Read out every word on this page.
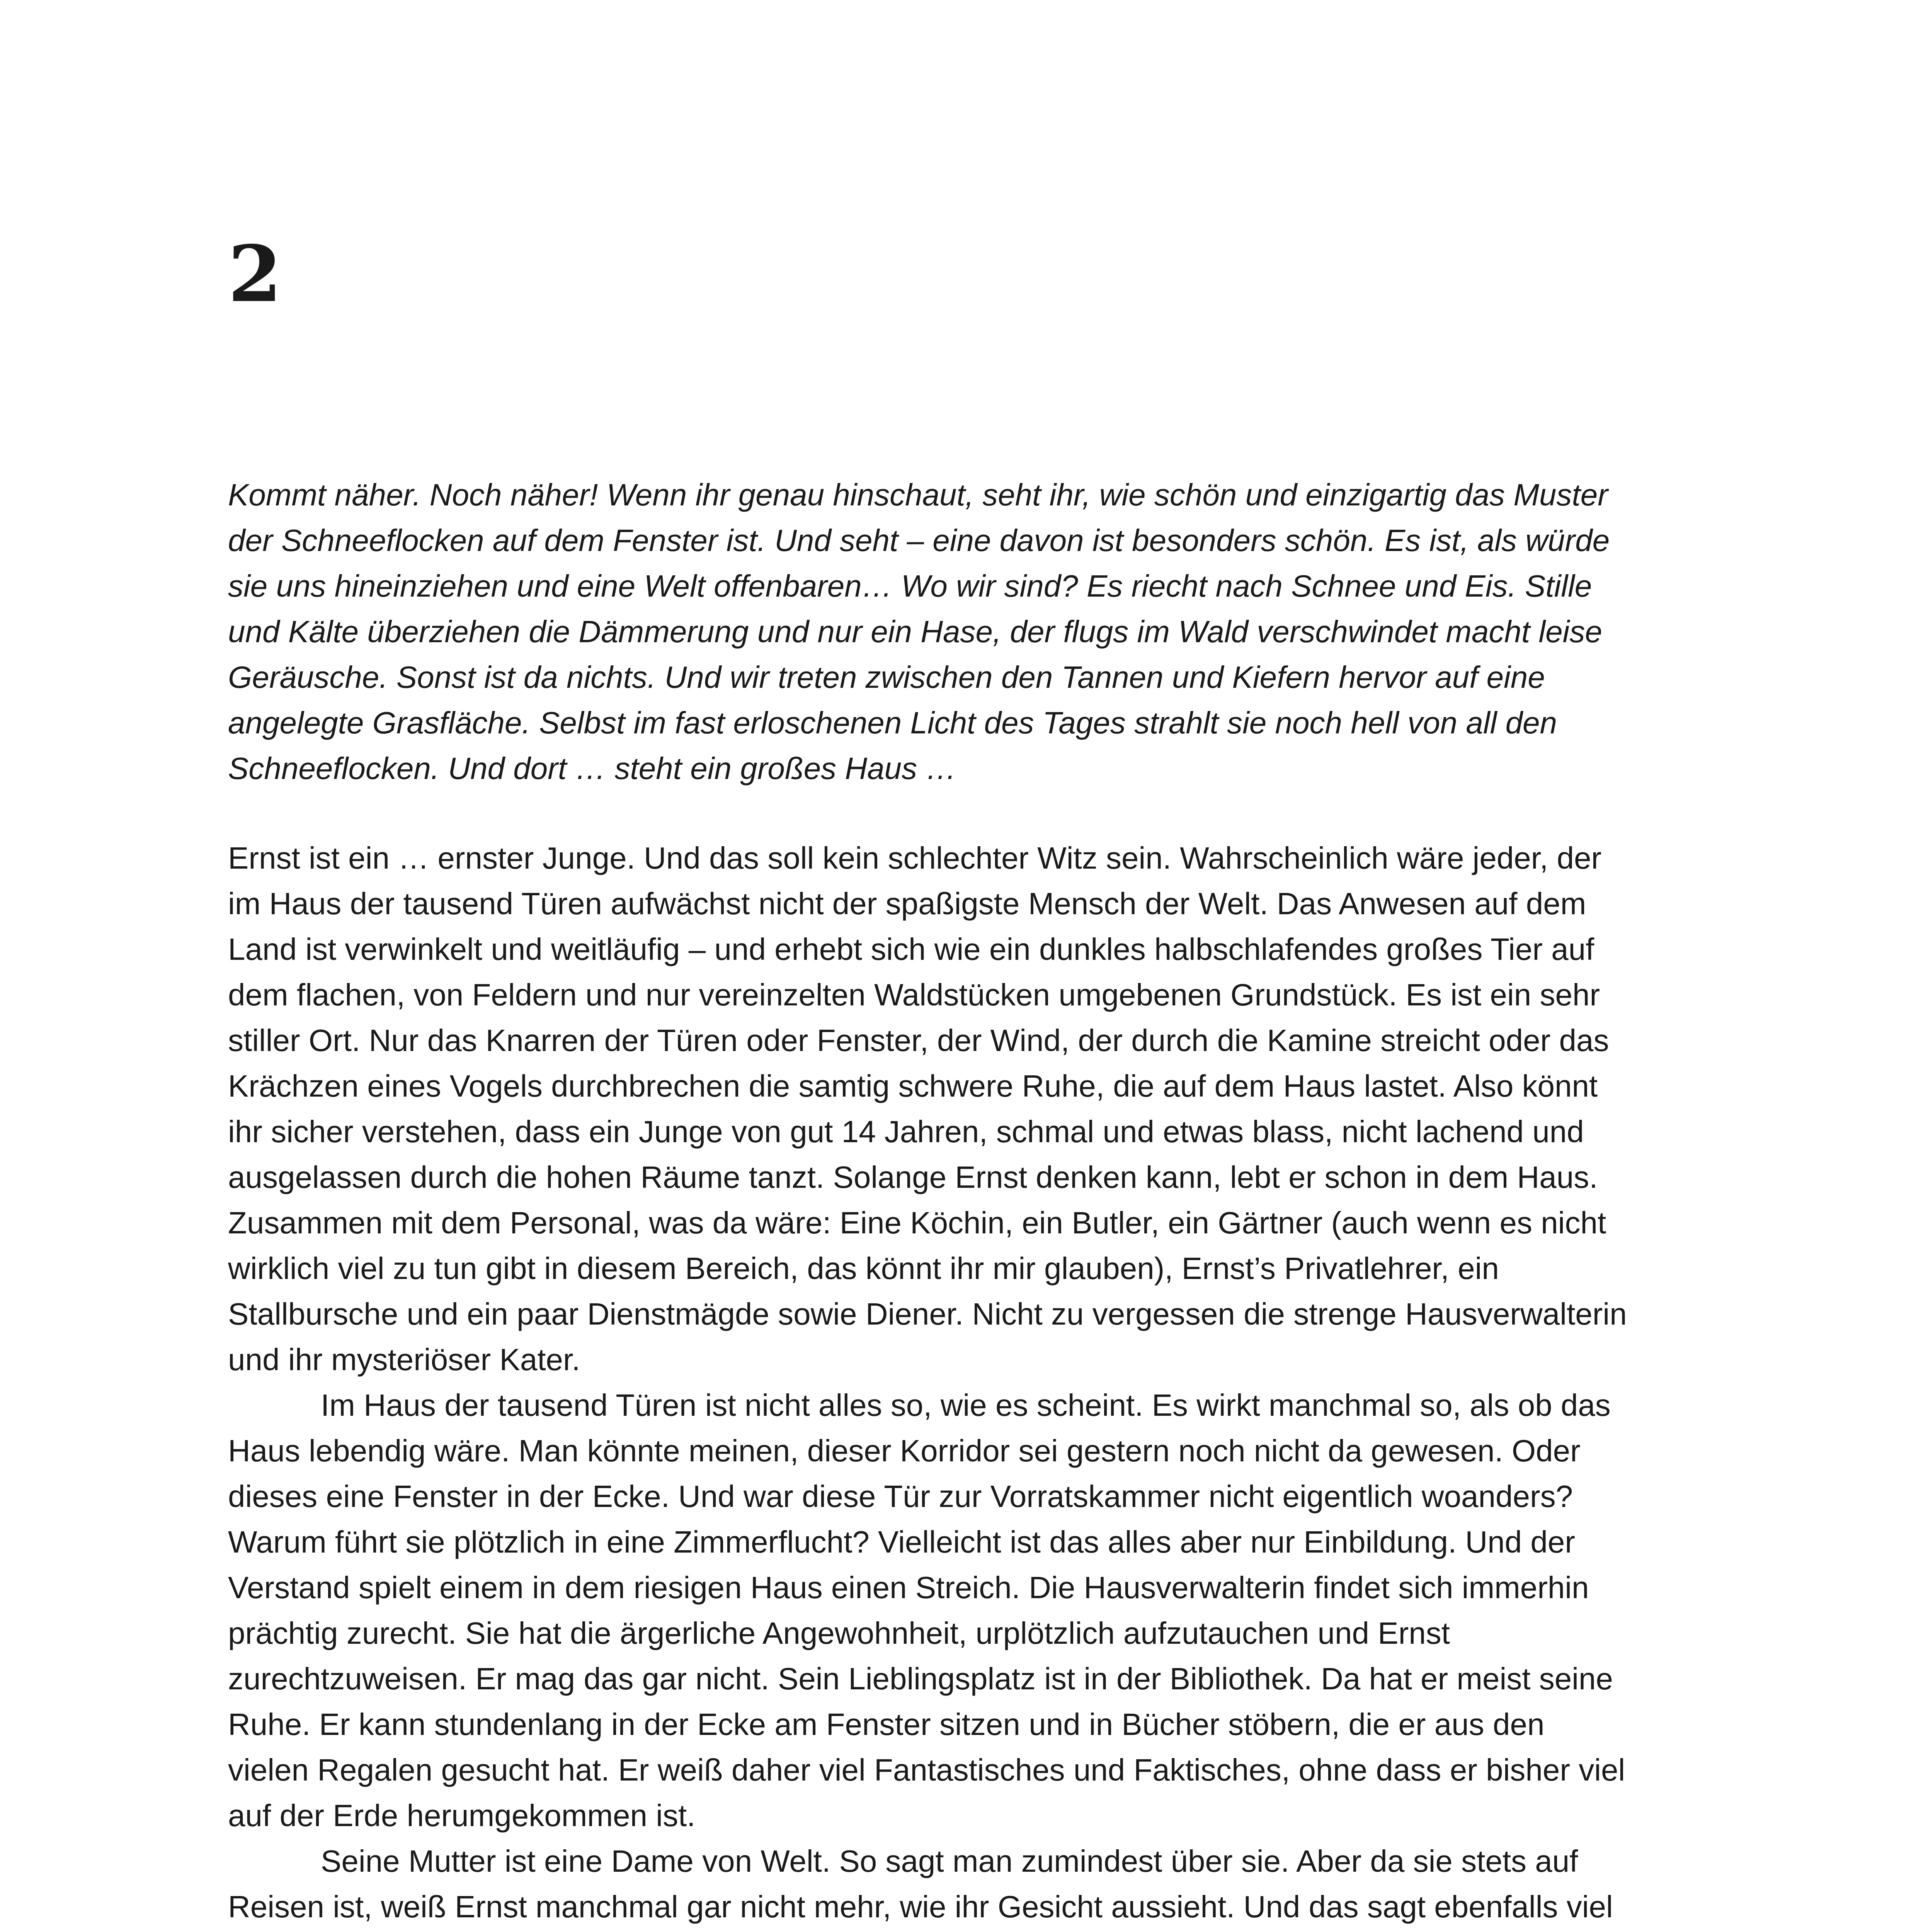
2

Kommt näher. Noch näher! Wenn ihr genau hinschaut, seht ihr, wie schön und einzigartig das Muster der Schneeflocken auf dem Fenster ist. Und seht – eine davon ist besonders schön. Es ist, als würde sie uns hineinziehen und eine Welt offenbaren… Wo wir sind? Es riecht nach Schnee und Eis. Stille und Kälte überziehen die Dämmerung und nur ein Hase, der flugs im Wald verschwindet macht leise Geräusche. Sonst ist da nichts. Und wir treten zwischen den Tannen und Kiefern hervor auf eine angelegte Grasfläche. Selbst im fast erloschenen Licht des Tages strahlt sie noch hell von all den Schneeflocken. Und dort … steht ein großes Haus …

Ernst ist ein … ernster Junge. Und das soll kein schlechter Witz sein. Wahrscheinlich wäre jeder, der im Haus der tausend Türen aufwächst nicht der spaßigste Mensch der Welt. Das Anwesen auf dem Land ist verwinkelt und weitläufig – und erhebt sich wie ein dunkles halbschlafendes großes Tier auf dem flachen, von Feldern und nur vereinzelten Waldstücken umgebenen Grundstück. Es ist ein sehr stiller Ort. Nur das Knarren der Türen oder Fenster, der Wind, der durch die Kamine streicht oder das Krächzen eines Vogels durchbrechen die samtig schwere Ruhe, die auf dem Haus lastet. Also könnt ihr sicher verstehen, dass ein Junge von gut 14 Jahren, schmal und etwas blass, nicht lachend und ausgelassen durch die hohen Räume tanzt. Solange Ernst denken kann, lebt er schon in dem Haus. Zusammen mit dem Personal, was da wäre: Eine Köchin, ein Butler, ein Gärtner (auch wenn es nicht wirklich viel zu tun gibt in diesem Bereich, das könnt ihr mir glauben), Ernst’s Privatlehrer, ein Stallbursche und ein paar Dienstmägde sowie Diener. Nicht zu vergessen die strenge Hausverwalterin und ihr mysteriöser Kater.

Im Haus der tausend Türen ist nicht alles so, wie es scheint. Es wirkt manchmal so, als ob das Haus lebendig wäre. Man könnte meinen, dieser Korridor sei gestern noch nicht da gewesen. Oder dieses eine Fenster in der Ecke. Und war diese Tür zur Vorratskammer nicht eigentlich woanders? Warum führt sie plötzlich in eine Zimmerflucht? Vielleicht ist das alles aber nur Einbildung. Und der Verstand spielt einem in dem riesigen Haus einen Streich. Die Hausverwalterin findet sich immerhin prächtig zurecht. Sie hat die ärgerliche Angewohnheit, urplötzlich aufzutauchen und Ernst zurechtzuweisen. Er mag das gar nicht. Sein Lieblingsplatz ist in der Bibliothek. Da hat er meist seine Ruhe. Er kann stundenlang in der Ecke am Fenster sitzen und in Bücher stöbern, die er aus den vielen Regalen gesucht hat. Er weiß daher viel Fantastisches und Faktisches, ohne dass er bisher viel auf der Erde herumgekommen ist.

Seine Mutter ist eine Dame von Welt. So sagt man zumindest über sie. Aber da sie stets auf Reisen ist, weiß Ernst manchmal gar nicht mehr, wie ihr Gesicht aussieht. Und das sagt ebenfalls viel
